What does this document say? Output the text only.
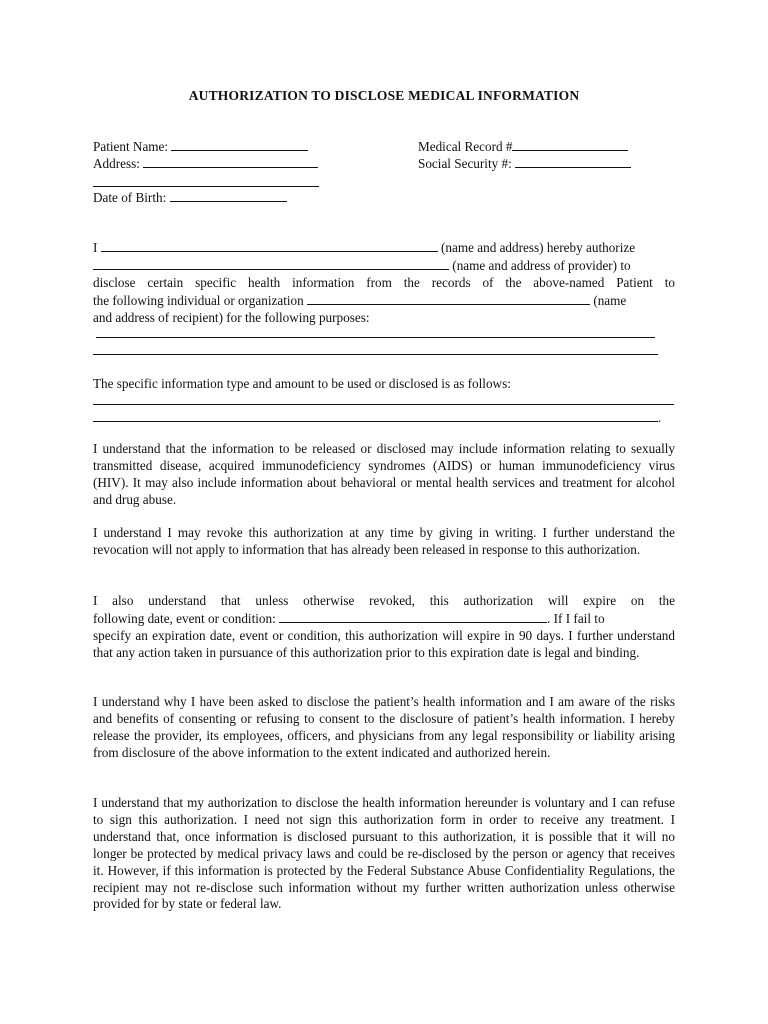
AUTHORIZATION TO DISCLOSE MEDICAL INFORMATION
Patient Name:
Address:
Date of Birth:
Medical Record #
Social Security #:
I	(name and address) hereby authorize
(name and address of provider) to
disclose certain specific health information from the records of the above-named Patient to
the following individual or organization	(name
and address of recipient) for the following purposes:
The specific information type and amount to be used or disclosed is as follows:
.
I understand that the information to be released or disclosed may include information relating to sexually transmitted disease, acquired immunodeficiency syndromes (AIDS) or human immunodeficiency virus (HIV). It may also include information about behavioral or mental health services and treatment for alcohol and drug abuse.
I understand I may revoke this authorization at any time by giving in writing. I further understand the revocation will not apply to information that has already been released in response to this authorization.
I also understand that unless otherwise revoked, this authorization will expire on the
following date, event or condition:	. If I fail to
specify an expiration date, event or condition, this authorization will expire in 90 days. I further understand that any action taken in pursuance of this authorization prior to this expiration date is legal and binding.
I understand why I have been asked to disclose the patient’s health information and I am aware of the risks and benefits of consenting or refusing to consent to the disclosure of patient’s health information. I hereby release the provider, its employees, officers, and physicians from any legal responsibility or liability arising from disclosure of the above information to the extent indicated and authorized herein.
I understand that my authorization to disclose the health information hereunder is voluntary and I can refuse to sign this authorization. I need not sign this authorization form in order to receive any treatment. I understand that, once information is disclosed pursuant to this authorization, it is possible that it will no longer be protected by medical privacy laws and could be re-disclosed by the person or agency that receives it. However, if this information is protected by the Federal Substance Abuse Confidentiality Regulations, the recipient may not re-disclose such information without my further written authorization unless otherwise provided for by state or federal law.
